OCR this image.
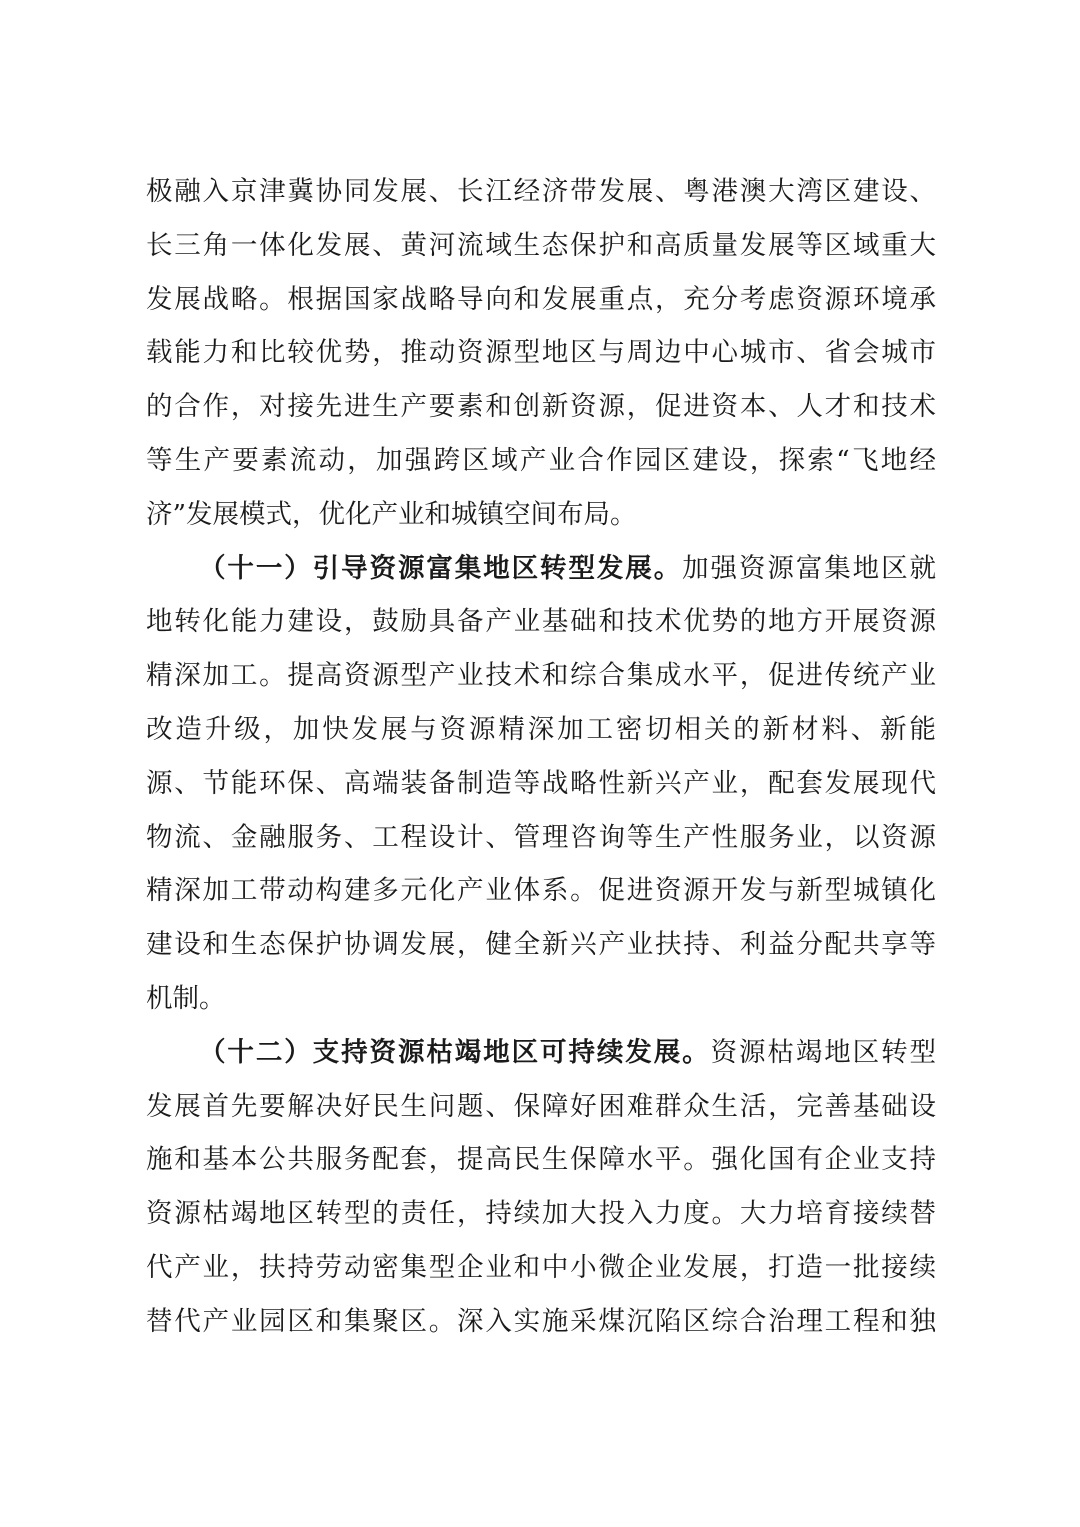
极融入京津冀协同发展、长江经济带发展、粤港澳大湾区建设、
长三角一体化发展、黄河流域生态保护和高质量发展等区域重大
发展战略。根据国家战略导向和发展重点，充分考虑资源环境承
载能力和比较优势，推动资源型地区与周边中心城市、省会城市
的合作，对接先进生产要素和创新资源，促进资本、人才和技术
等生产要素流动，加强跨区域产业合作园区建设，探索“飞地经
济”发展模式，优化产业和城镇空间布局。
（十一）引导资源富集地区转型发展。加强资源富集地区就
地转化能力建设，鼓励具备产业基础和技术优势的地方开展资源
精深加工。提高资源型产业技术和综合集成水平，促进传统产业
改造升级，加快发展与资源精深加工密切相关的新材料、新能
源、节能环保、高端装备制造等战略性新兴产业，配套发展现代
物流、金融服务、工程设计、管理咨询等生产性服务业，以资源
精深加工带动构建多元化产业体系。促进资源开发与新型城镇化
建设和生态保护协调发展，健全新兴产业扶持、利益分配共享等
机制。
（十二）支持资源枯竭地区可持续发展。资源枯竭地区转型
发展首先要解决好民生问题、保障好困难群众生活，完善基础设
施和基本公共服务配套，提高民生保障水平。强化国有企业支持
资源枯竭地区转型的责任，持续加大投入力度。大力培育接续替
代产业，扶持劳动密集型企业和中小微企业发展，打造一批接续
替代产业园区和集聚区。深入实施采煤沉陷区综合治理工程和独
